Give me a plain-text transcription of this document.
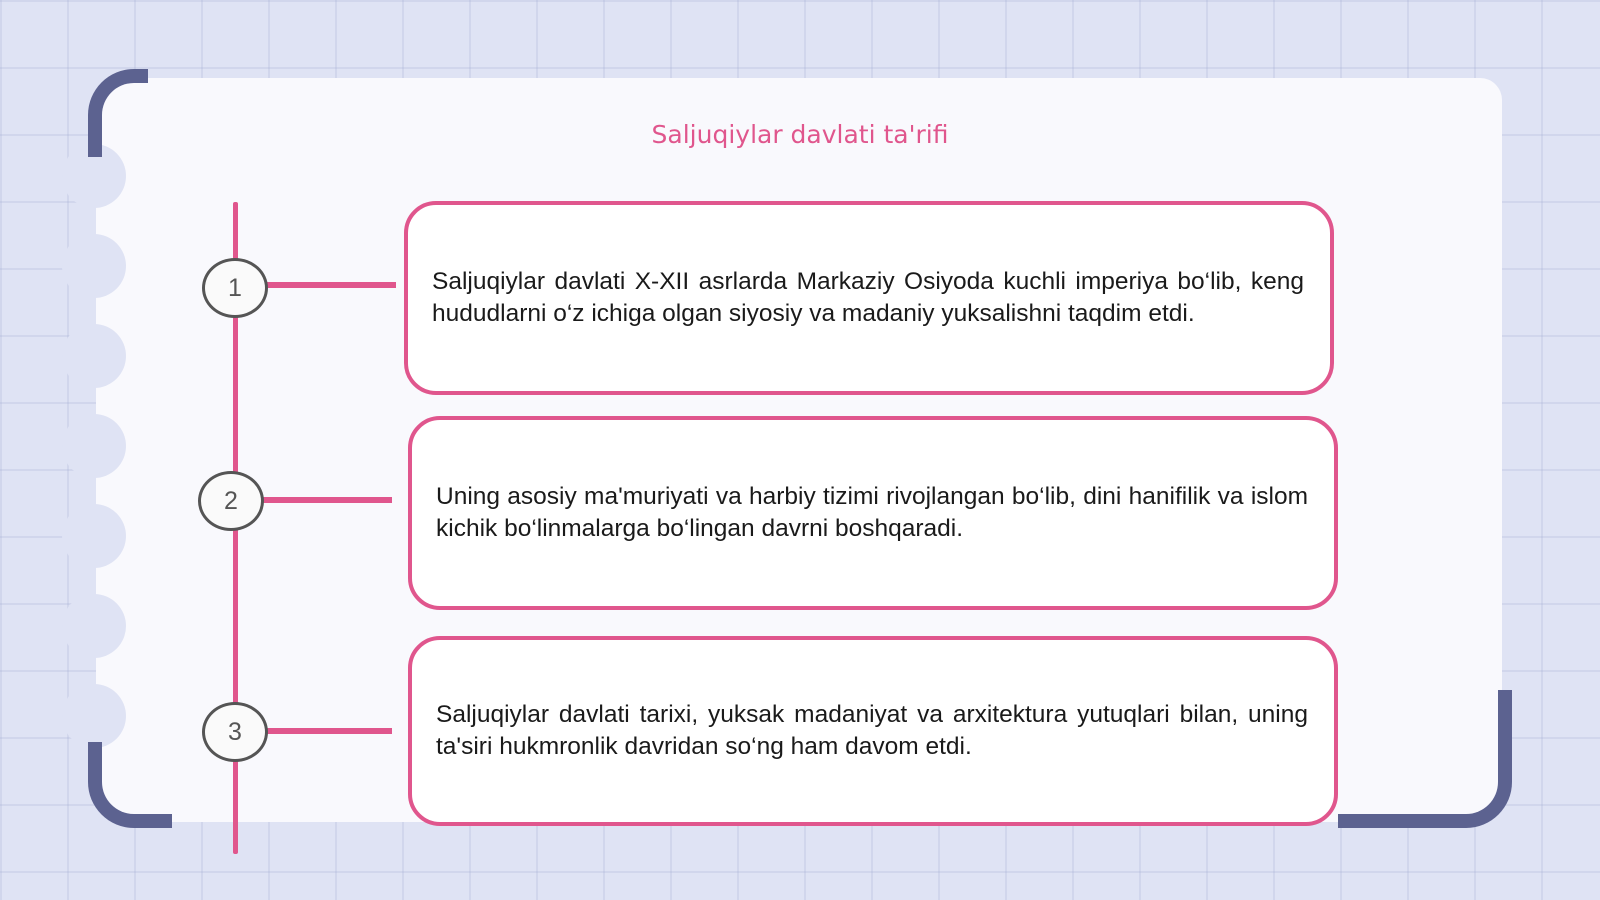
Saljuqiylar davlati ta'rifi
1
2
3

Saljuqiylar davlati X-XII asrlarda Markaziy Osiyoda kuchli imperiya bo‘lib, keng hududlarni o‘z ichiga olgan siyosiy va madaniy yuksalishni taqdim etdi.

Uning asosiy ma'muriyati va harbiy tizimi rivojlangan bo‘lib, dini hanifilik va islom kichik bo‘linmalarga bo‘lingan davrni boshqaradi.

Saljuqiylar davlati tarixi, yuksak madaniyat va arxitektura yutuqlari bilan, uning ta'siri hukmronlik davridan so‘ng ham davom etdi.
